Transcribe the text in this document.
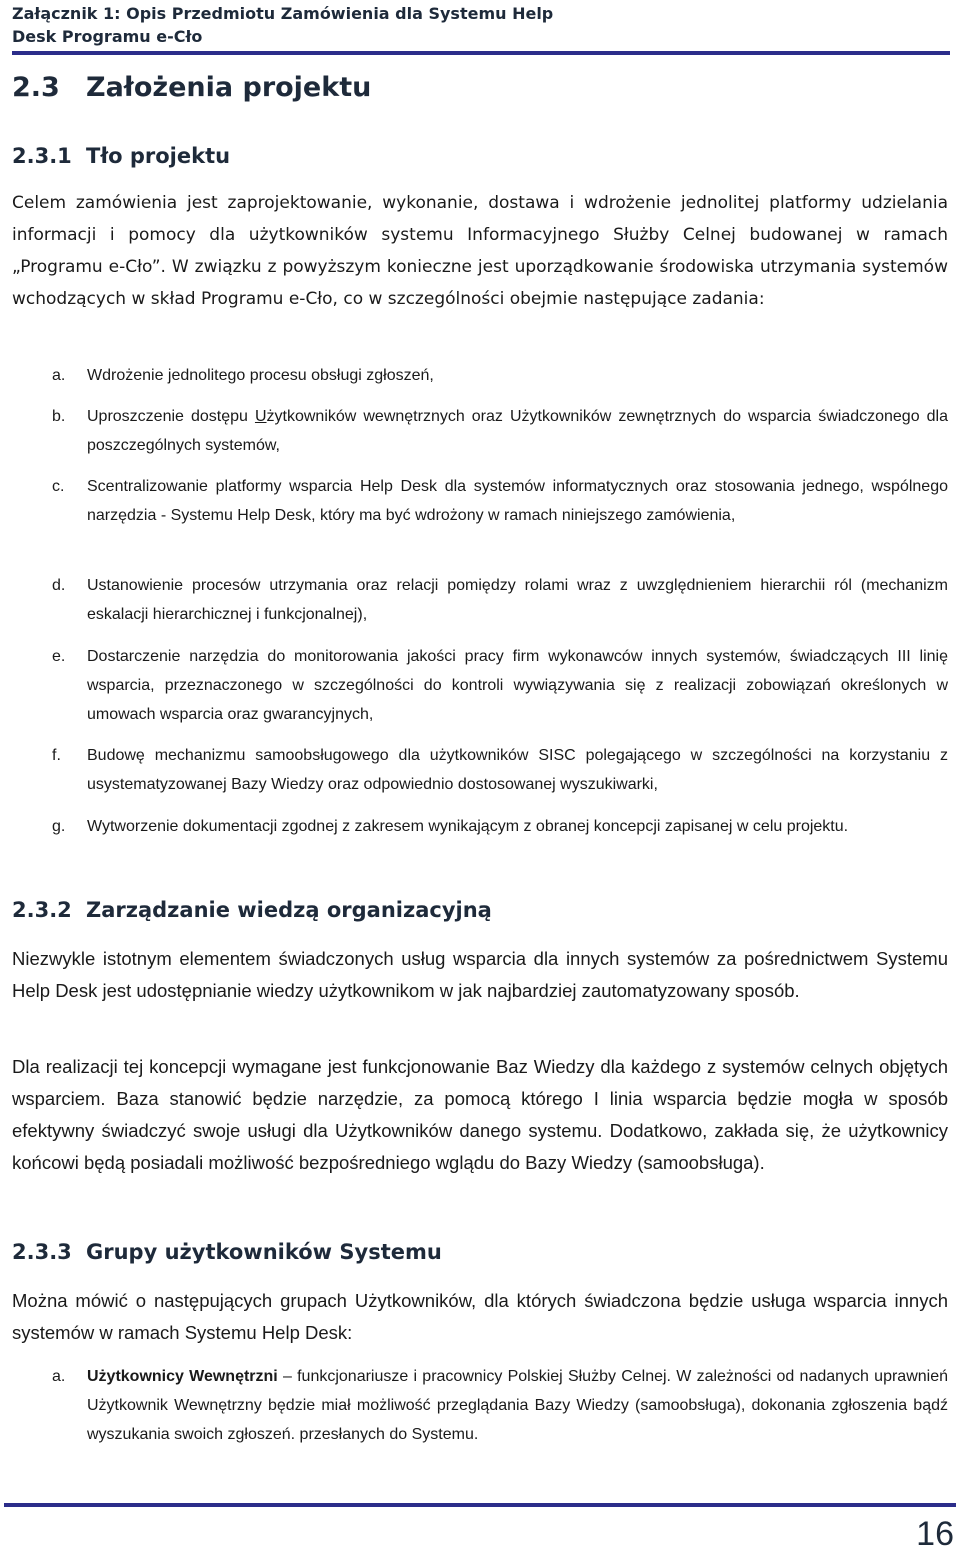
Załącznik 1: Opis Przedmiotu Zamówienia dla Systemu Help
Desk Programu e-Cło
2.3 Założenia projektu
2.3.1 Tło projektu
Celem zamówienia jest zaprojektowanie, wykonanie, dostawa i wdrożenie jednolitej platformy udzielania informacji i pomocy dla użytkowników systemu Informacyjnego Służby Celnej budowanej w ramach „Programu e-Cło”. W związku z powyższym konieczne jest uporządkowanie środowiska utrzymania systemów wchodzących w skład Programu e-Cło, co w szczególności obejmie następujące zadania:
a.	Wdrożenie jednolitego procesu obsługi zgłoszeń,
b.	Uproszczenie dostępu Użytkowników wewnętrznych oraz Użytkowników zewnętrznych do wsparcia świadczonego dla poszczególnych systemów,
c.	Scentralizowanie platformy wsparcia Help Desk dla systemów informatycznych oraz stosowania jednego, wspólnego narzędzia - Systemu Help Desk, który ma być wdrożony w ramach niniejszego zamówienia,
d.	Ustanowienie procesów utrzymania oraz relacji pomiędzy rolami wraz z uwzględnieniem hierarchii ról (mechanizm eskalacji hierarchicznej i funkcjonalnej),
e.	Dostarczenie narzędzia do monitorowania jakości pracy firm wykonawców innych systemów, świadczących III linię wsparcia, przeznaczonego w szczególności do kontroli wywiązywania się z realizacji zobowiązań określonych w umowach wsparcia oraz gwarancyjnych,
f.	Budowę mechanizmu samoobsługowego dla użytkowników SISC polegającego w szczególności na korzystaniu z usystematyzowanej Bazy Wiedzy oraz odpowiednio dostosowanej wyszukiwarki,
g.	Wytworzenie dokumentacji zgodnej z zakresem wynikającym z obranej koncepcji zapisanej w celu projektu.
2.3.2 Zarządzanie wiedzą organizacyjną
Niezwykle istotnym elementem świadczonych usług wsparcia dla innych systemów za pośrednictwem Systemu Help Desk jest udostępnianie wiedzy użytkownikom w jak najbardziej zautomatyzowany sposób.
Dla realizacji tej koncepcji wymagane jest funkcjonowanie Baz Wiedzy dla każdego z systemów celnych objętych wsparciem. Baza stanowić będzie narzędzie, za pomocą którego I linia wsparcia będzie mogła w sposób efektywny świadczyć swoje usługi dla Użytkowników danego systemu. Dodatkowo, zakłada się, że użytkownicy końcowi będą posiadali możliwość bezpośredniego wglądu do Bazy Wiedzy (samoobsługa).
2.3.3 Grupy użytkowników Systemu
Można mówić o następujących grupach Użytkowników, dla których świadczona będzie usługa wsparcia innych systemów w ramach Systemu Help Desk:
a.	Użytkownicy Wewnętrzni – funkcjonariusze i pracownicy Polskiej Służby Celnej. W zależności od nadanych uprawnień Użytkownik Wewnętrzny będzie miał możliwość przeglądania Bazy Wiedzy (samoobsługa), dokonania zgłoszenia bądź wyszukania swoich zgłoszeń. przesłanych do Systemu.
16
